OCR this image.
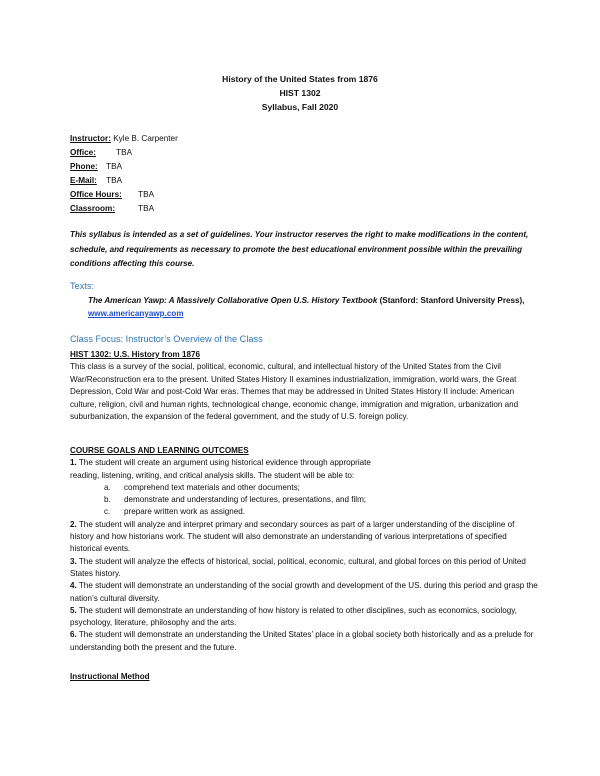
History of the United States from 1876
HIST 1302
Syllabus, Fall 2020
Instructor: Kyle B. Carpenter
Office: TBA
Phone: TBA
E-Mail: TBA
Office Hours: TBA
Classroom:	TBA
This syllabus is intended as a set of guidelines. Your instructor reserves the right to make modifications in the content, schedule, and requirements as necessary to promote the best educational environment possible within the prevailing conditions affecting this course.
Texts:
The American Yawp: A Massively Collaborative Open U.S. History Textbook (Stanford: Stanford University Press), www.americanyawp.com
Class Focus: Instructor’s Overview of the Class
HIST 1302: U.S. History from 1876
This class is a survey of the social, political, economic, cultural, and intellectual history of the United States from the Civil War/Reconstruction era to the present. United States History II examines industrialization, immigration, world wars, the Great Depression, Cold War and post-Cold War eras. Themes that may be addressed in United States History II include: American culture, religion, civil and human rights, technological change, economic change, immigration and migration, urbanization and suburbanization, the expansion of the federal government, and the study of U.S. foreign policy.
COURSE GOALS AND LEARNING OUTCOMES
1. The student will create an argument using historical evidence through appropriate
reading, listening, writing, and critical analysis skills. The student will be able to:
a. comprehend text materials and other documents;
b. demonstrate and understanding of lectures, presentations, and film;
c. prepare written work as assigned.
2. The student will analyze and interpret primary and secondary sources as part of a larger understanding of the discipline of history and how historians work. The student will also demonstrate an understanding of various interpretations of specified historical events.
3. The student will analyze the effects of historical, social, political, economic, cultural, and global forces on this period of United States history.
4. The student will demonstrate an understanding of the social growth and development of the US. during this period and grasp the nation’s cultural diversity.
5. The student will demonstrate an understanding of how history is related to other disciplines, such as economics, sociology, psychology, literature, philosophy and the arts.
6. The student will demonstrate an understanding the United States’ place in a global society both historically and as a prelude for understanding both the present and the future.
Instructional Method
